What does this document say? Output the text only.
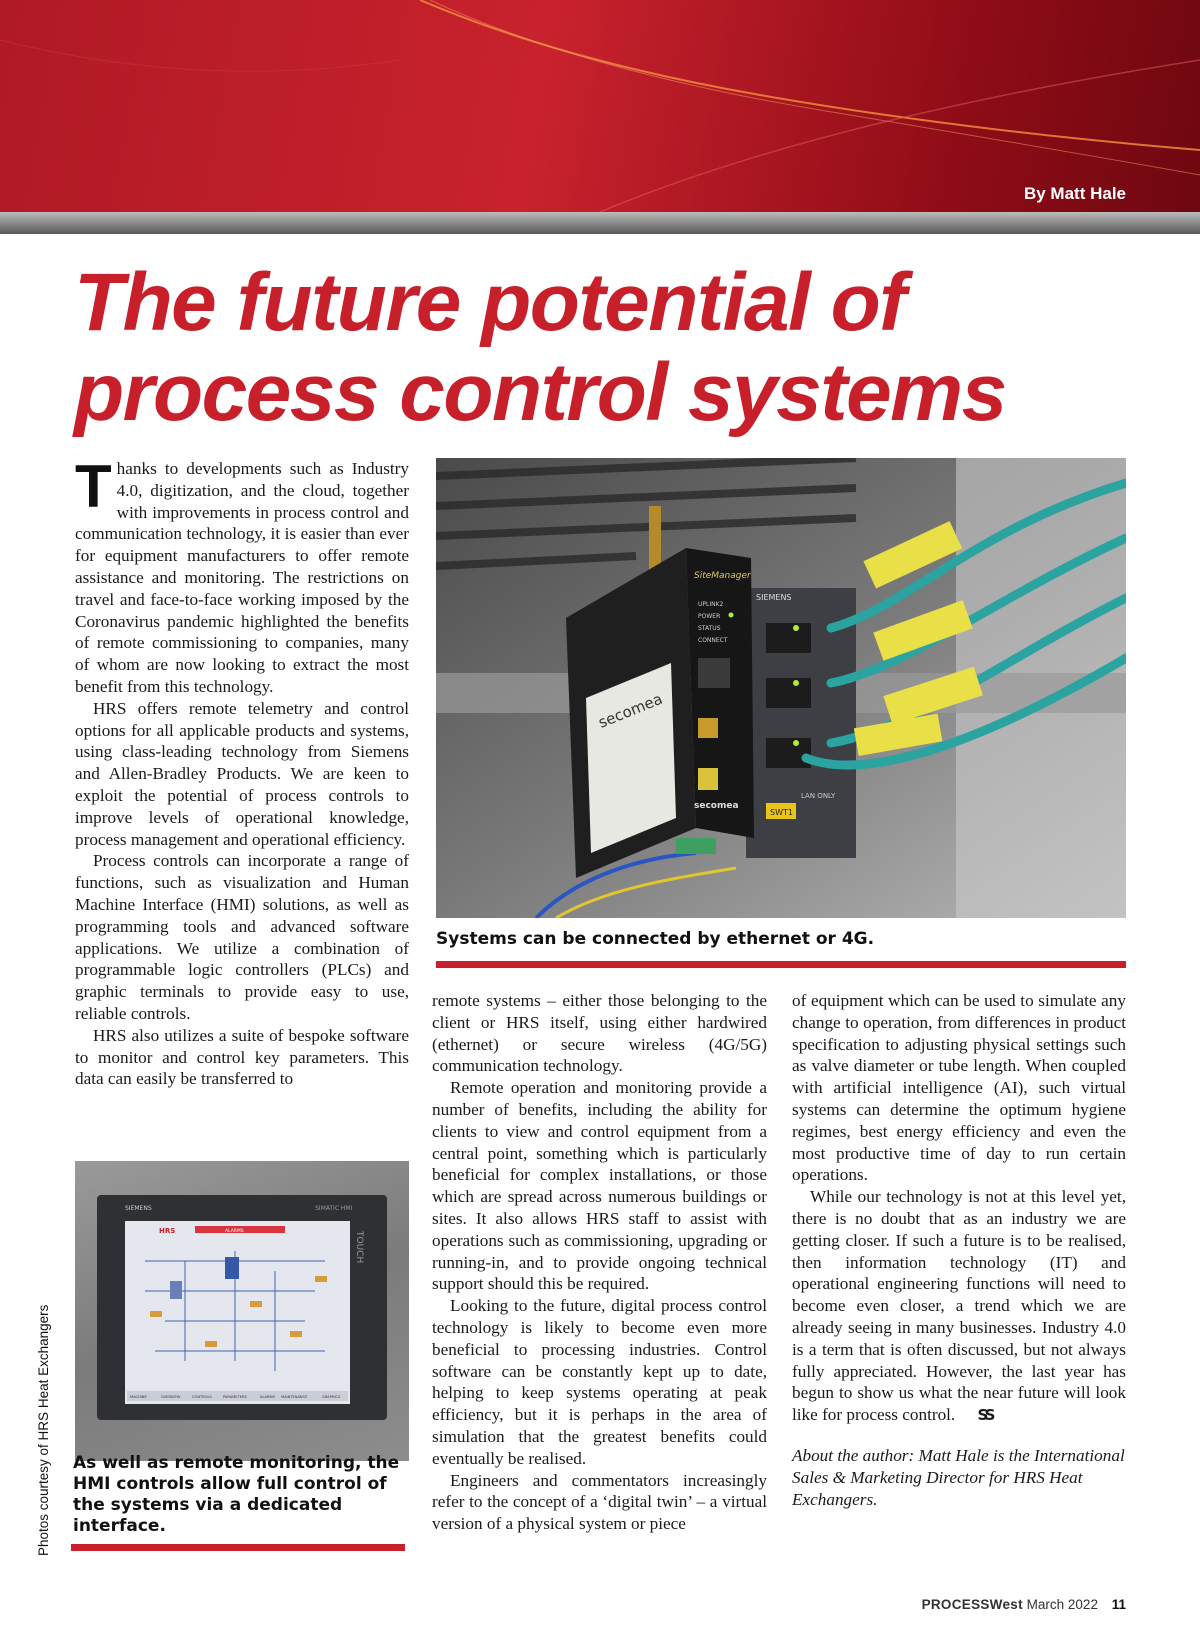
By Matt Hale
The future potential of
process control systems

Thanks to developments such as Industry 4.0, digitization, and the cloud, together with improvements in process control and communication technology, it is easier than ever for equipment manufacturers to offer remote assistance and monitoring. The restrictions on travel and face-to-face working imposed by the Coronavirus pandemic highlighted the benefits of remote commissioning to companies, many of whom are now looking to extract the most benefit from this technology.

HRS offers remote telemetry and control options for all applicable products and systems, using class-leading technology from Siemens and Allen-Bradley Products. We are keen to exploit the potential of process controls to improve levels of operational knowledge, process management and operational efficiency.

Process controls can incorporate a range of functions, such as visualization and Human Machine Interface (HMI) solutions, as well as programming tools and advanced software applications. We utilize a combination of programmable logic controllers (PLCs) and graphic terminals to provide easy to use, reliable controls.

HRS also utilizes a suite of bespoke software to monitor and control key parameters. This data can easily be transferred to

SIEMENS
LAN ONLY
SWT1
SiteManager
UPLINK2
POWER
STATUS
CONNECT
secomea
secomea
Systems can be connected by ethernet or 4G.
SIEMENS	SIMATIC HMI
TOUCH
HRS	ALARMS
MACHINE	OVERVIEW	CONTROLS	PARAMETERS	ALARMS MAINTENANCE	GRAPHICS
As well as remote monitoring, the HMI controls allow full control of the systems via a dedicated interface.
Photos courtesy of HRS Heat Exchangers

remote systems – either those belonging to the client or HRS itself, using either hardwired (ethernet) or secure wireless (4G/5G) communication technology.

Remote operation and monitoring provide a number of benefits, including the ability for clients to view and control equipment from a central point, something which is particularly beneficial for complex installations, or those which are spread across numerous buildings or sites. It also allows HRS staff to assist with operations such as commissioning, upgrading or running-in, and to provide ongoing technical support should this be required.

Looking to the future, digital process control technology is likely to become even more beneficial to processing industries. Control software can be constantly kept up to date, helping to keep systems operating at peak efficiency, but it is perhaps in the area of simulation that the greatest benefits could eventually be realised.

Engineers and commentators increasingly refer to the concept of a ‘digital twin’ – a virtual version of a physical system or piece

of equipment which can be used to simulate any change to operation, from differences in product specification to adjusting physical settings such as valve diameter or tube length. When coupled with artificial intelligence (AI), such virtual systems can determine the optimum hygiene regimes, best energy efficiency and even the most productive time of day to run certain operations.

While our technology is not at this level yet, there is no doubt that as an industry we are getting closer. If such a future is to be realised, then information technology (IT) and operational engineering functions will need to become even closer, a trend which we are already seeing in many businesses. Industry 4.0 is a term that is often discussed, but not always fully appreciated. However, the last year has begun to show us what the near future will look like for process control. SS

About the author: Matt Hale is the International Sales & Marketing Director for HRS Heat Exchangers.

PROCESSWest March 2022 11
